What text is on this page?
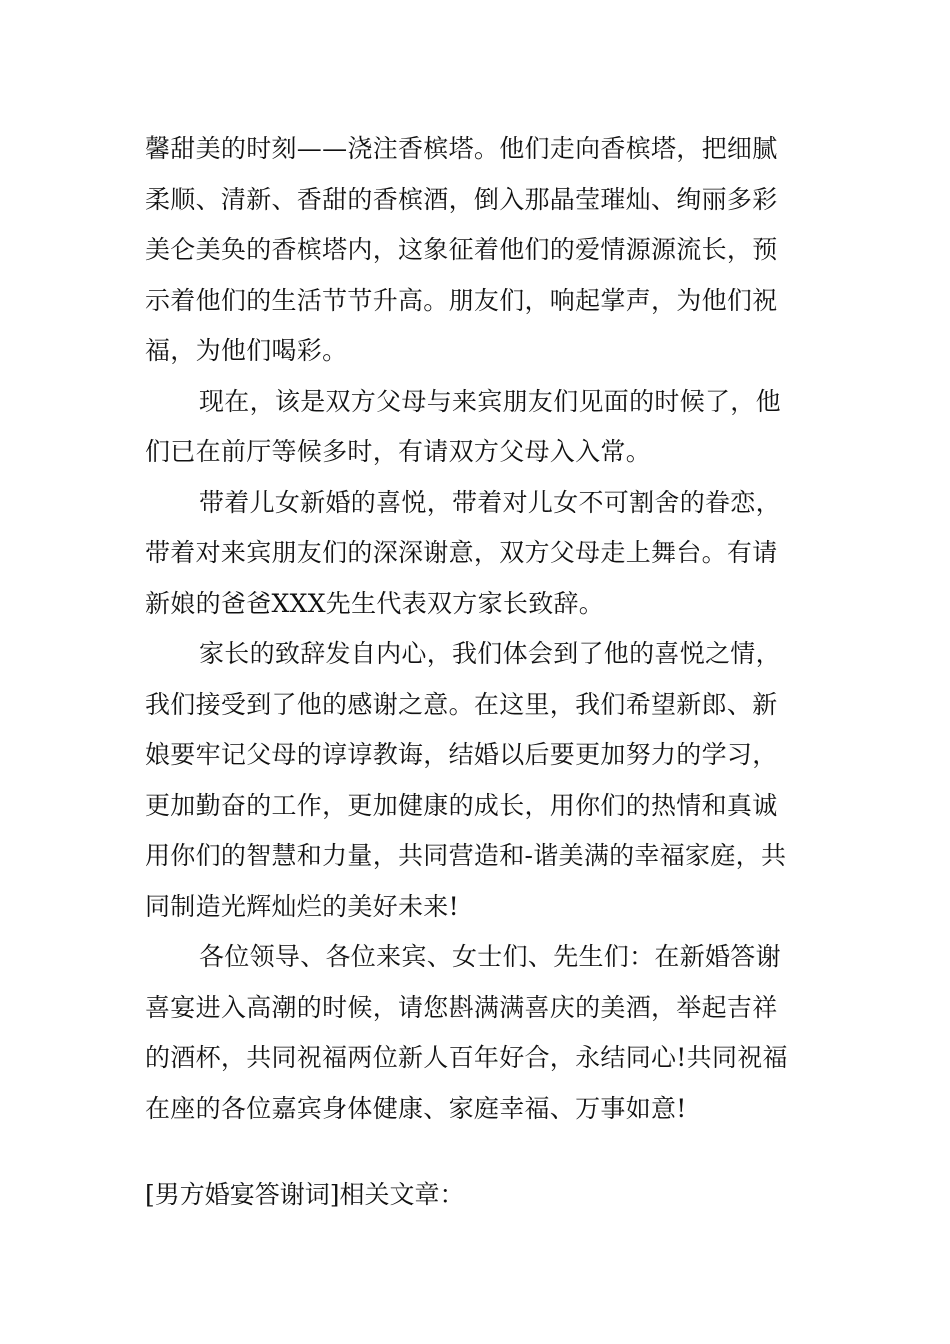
馨甜美的时刻——浇注香槟塔。他们走向香槟塔，把细腻
柔顺、清新、香甜的香槟酒，倒入那晶莹璀灿、绚丽多彩
美仑美奂的香槟塔内，这象征着他们的爱情源源流长，预
示着他们的生活节节升高。朋友们，响起掌声，为他们祝
福，为他们喝彩。

现在，该是双方父母与来宾朋友们见面的时候了，他
们已在前厅等候多时，有请双方父母入入常。

带着儿女新婚的喜悦，带着对儿女不可割舍的眷恋，
带着对来宾朋友们的深深谢意，双方父母走上舞台。有请
新娘的爸爸XXX先生代表双方家长致辞。

家长的致辞发自内心，我们体会到了他的喜悦之情，
我们接受到了他的感谢之意。在这里，我们希望新郎、新
娘要牢记父母的谆谆教诲，结婚以后要更加努力的学习，
更加勤奋的工作，更加健康的成长，用你们的热情和真诚
用你们的智慧和力量，共同营造和-谐美满的幸福家庭，共
同制造光辉灿烂的美好未来!

各位领导、各位来宾、女士们、先生们：在新婚答谢
喜宴进入高潮的时候，请您斟满满喜庆的美酒，举起吉祥
的酒杯，共同祝福两位新人百年好合，永结同心!共同祝福
在座的各位嘉宾身体健康、家庭幸福、万事如意!

[男方婚宴答谢词]相关文章：
